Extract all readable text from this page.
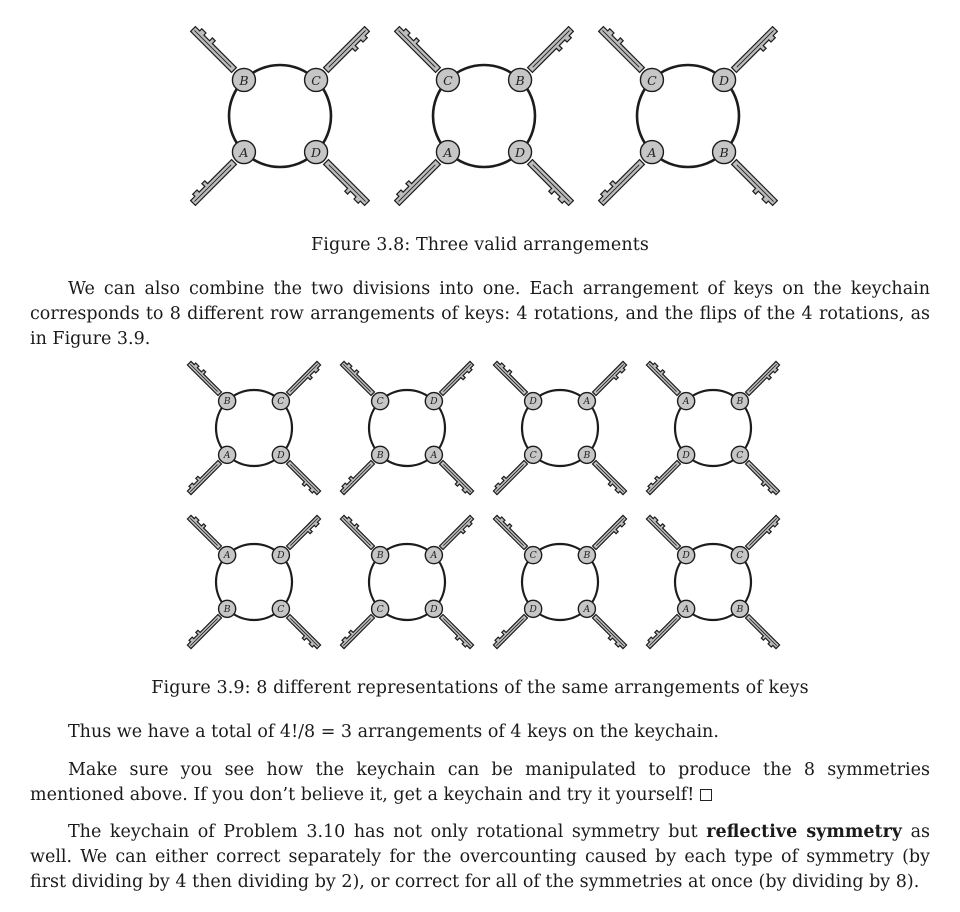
B	C
A	D
C	B
A	D
C	D
A	B
Figure 3.8: Three valid arrangements
We can also combine the two divisions into one. Each arrangement of keys on the keychain corresponds to 8 different row arrangements of keys: 4 rotations, and the flips of the 4 rotations, as in Figure 3.9.
B	C
A	D
C	D
B	A
D	A
C	B
A	B
D	C
A	D
B	C
B	A
C	D
C	B
D	A
D	C
A	B
Figure 3.9: 8 different representations of the same arrangements of keys
Thus we have a total of 4!/8 = 3 arrangements of 4 keys on the keychain.
Make sure you see how the keychain can be manipulated to produce the 8 symmetries mentioned above. If you don’t believe it, get a keychain and try it yourself!
The keychain of Problem 3.10 has not only rotational symmetry but reflective symmetry as well. We can either correct separately for the overcounting caused by each type of symmetry (by first dividing by 4 then dividing by 2), or correct for all of the symmetries at once (by dividing by 8).
